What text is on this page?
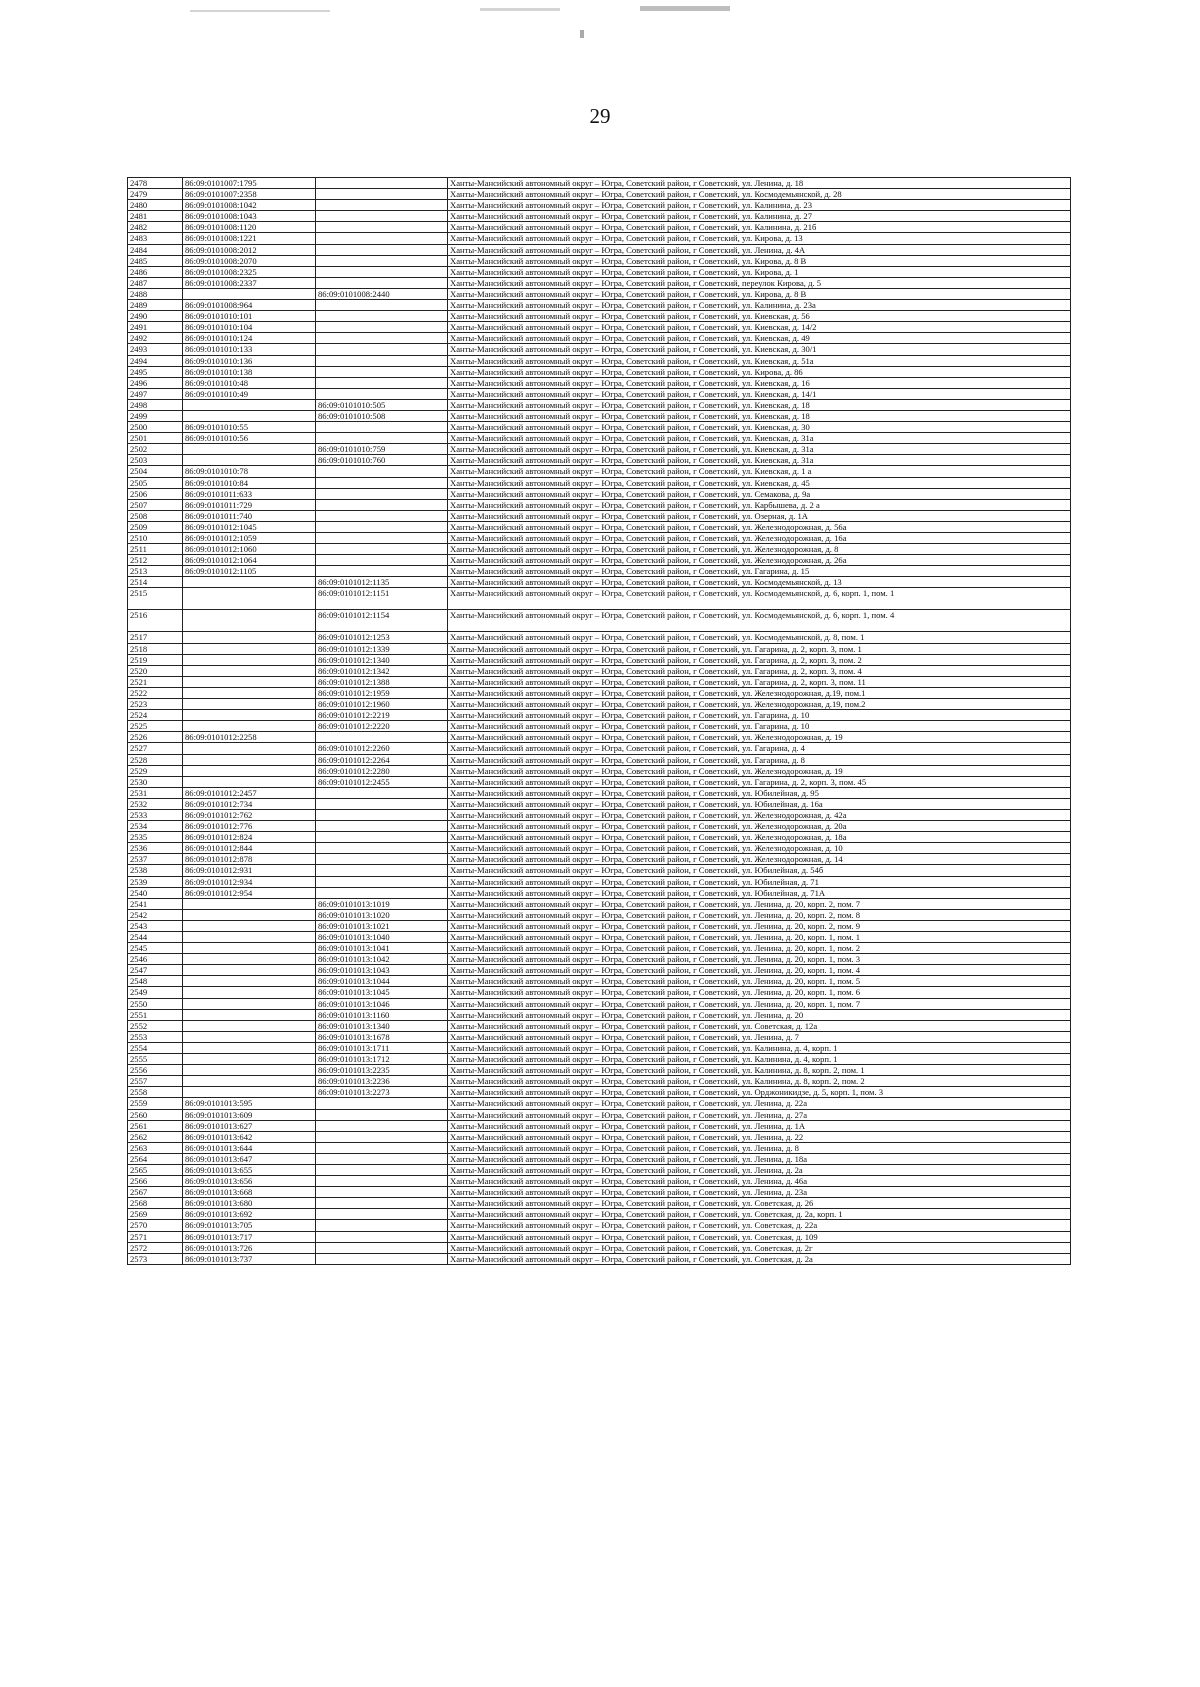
29
2478	86:09:0101007:1795		Ханты-Мансийский автономный округ – Югра, Советский район, г Советский, ул. Ленина, д. 18
2479	86:09:0101007:2358		Ханты-Мансийский автономный округ – Югра, Советский район, г Советский, ул. Космодемьянской, д. 28
2480	86:09:0101008:1042		Ханты-Мансийский автономный округ – Югра, Советский район, г Советский, ул. Калинина, д. 23
2481	86:09:0101008:1043		Ханты-Мансийский автономный округ – Югра, Советский район, г Советский, ул. Калинина, д. 27
2482	86:09:0101008:1120		Ханты-Мансийский автономный округ – Югра, Советский район, г Советский, ул. Калинина, д. 21б
2483	86:09:0101008:1221		Ханты-Мансийский автономный округ – Югра, Советский район, г Советский, ул. Кирова, д. 13
2484	86:09:0101008:2012		Ханты-Мансийский автономный округ – Югра, Советский район, г Советский, ул. Ленина, д. 4А
2485	86:09:0101008:2070		Ханты-Мансийский автономный округ – Югра, Советский район, г Советский, ул. Кирова, д. 8 В
2486	86:09:0101008:2325		Ханты-Мансийский автономный округ – Югра, Советский район, г Советский, ул. Кирова, д. 1
2487	86:09:0101008:2337		Ханты-Мансийский автономный округ – Югра, Советский район, г Советский, переулок Кирова, д. 5
2488		86:09:0101008:2440	Ханты-Мансийский автономный округ – Югра, Советский район, г Советский, ул. Кирова, д. 8 В
2489	86:09:0101008:964		Ханты-Мансийский автономный округ – Югра, Советский район, г Советский, ул. Калинина, д. 23а
2490	86:09:0101010:101		Ханты-Мансийский автономный округ – Югра, Советский район, г Советский, ул. Киевская, д. 56
2491	86:09:0101010:104		Ханты-Мансийский автономный округ – Югра, Советский район, г Советский, ул. Киевская, д. 14/2
2492	86:09:0101010:124		Ханты-Мансийский автономный округ – Югра, Советский район, г Советский, ул. Киевская, д. 49
2493	86:09:0101010:133		Ханты-Мансийский автономный округ – Югра, Советский район, г Советский, ул. Киевская, д. 30/1
2494	86:09:0101010:136		Ханты-Мансийский автономный округ – Югра, Советский район, г Советский, ул. Киевская, д. 51а
2495	86:09:0101010:138		Ханты-Мансийский автономный округ – Югра, Советский район, г Советский, ул. Кирова, д. 86
2496	86:09:0101010:48		Ханты-Мансийский автономный округ – Югра, Советский район, г Советский, ул. Киевская, д. 16
2497	86:09:0101010:49		Ханты-Мансийский автономный округ – Югра, Советский район, г Советский, ул. Киевская, д. 14/1
2498		86:09:0101010:505	Ханты-Мансийский автономный округ – Югра, Советский район, г Советский, ул. Киевская, д. 18
2499		86:09:0101010:508	Ханты-Мансийский автономный округ – Югра, Советский район, г Советский, ул. Киевская, д. 18
2500	86:09:0101010:55		Ханты-Мансийский автономный округ – Югра, Советский район, г Советский, ул. Киевская, д. 30
2501	86:09:0101010:56		Ханты-Мансийский автономный округ – Югра, Советский район, г Советский, ул. Киевская, д. 31а
2502		86:09:0101010:759	Ханты-Мансийский автономный округ – Югра, Советский район, г Советский, ул. Киевская, д. 31а
2503		86:09:0101010:760	Ханты-Мансийский автономный округ – Югра, Советский район, г Советский, ул. Киевская, д. 31а
2504	86:09:0101010:78		Ханты-Мансийский автономный округ – Югра, Советский район, г Советский, ул. Киевская, д. 1 а
2505	86:09:0101010:84		Ханты-Мансийский автономный округ – Югра, Советский район, г Советский, ул. Киевская, д. 45
2506	86:09:0101011:633		Ханты-Мансийский автономный округ – Югра, Советский район, г Советский, ул. Семакова, д. 9а
2507	86:09:0101011:729		Ханты-Мансийский автономный округ – Югра, Советский район, г Советский, ул. Карбышева, д. 2 а
2508	86:09:0101011:740		Ханты-Мансийский автономный округ – Югра, Советский район, г Советский, ул. Озерная, д. 1А
2509	86:09:0101012:1045		Ханты-Мансийский автономный округ – Югра, Советский район, г Советский, ул. Железнодорожная, д. 56а
2510	86:09:0101012:1059		Ханты-Мансийский автономный округ – Югра, Советский район, г Советский, ул. Железнодорожная, д. 16а
2511	86:09:0101012:1060		Ханты-Мансийский автономный округ – Югра, Советский район, г Советский, ул. Железнодорожная, д. 8
2512	86:09:0101012:1064		Ханты-Мансийский автономный округ – Югра, Советский район, г Советский, ул. Железнодорожная, д. 26а
2513	86:09:0101012:1105		Ханты-Мансийский автономный округ – Югра, Советский район, г Советский, ул. Гагарина, д. 15
2514		86:09:0101012:1135	Ханты-Мансийский автономный округ – Югра, Советский район, г Советский, ул. Космодемьянской, д. 13
2515		86:09:0101012:1151	Ханты-Мансийский автономный округ – Югра, Советский район, г Советский, ул. Космодемьянской, д. 6, корп. 1, пом. 1
2516		86:09:0101012:1154	Ханты-Мансийский автономный округ – Югра, Советский район, г Советский, ул. Космодемьянской, д. 6, корп. 1, пом. 4
2517		86:09:0101012:1253	Ханты-Мансийский автономный округ – Югра, Советский район, г Советский, ул. Космодемьянской, д. 8, пом. 1
2518		86:09:0101012:1339	Ханты-Мансийский автономный округ – Югра, Советский район, г Советский, ул. Гагарина, д. 2, корп. 3, пом. 1
2519		86:09:0101012:1340	Ханты-Мансийский автономный округ – Югра, Советский район, г Советский, ул. Гагарина, д. 2, корп. 3, пом. 2
2520		86:09:0101012:1342	Ханты-Мансийский автономный округ – Югра, Советский район, г Советский, ул. Гагарина, д. 2, корп. 3, пом. 4
2521		86:09:0101012:1388	Ханты-Мансийский автономный округ – Югра, Советский район, г Советский, ул. Гагарина, д. 2, корп. 3, пом. 11
2522		86:09:0101012:1959	Ханты-Мансийский автономный округ – Югра, Советский район, г Советский, ул. Железнодорожная, д.19, пом.1
2523		86:09:0101012:1960	Ханты-Мансийский автономный округ – Югра, Советский район, г Советский, ул. Железнодорожная, д.19, пом.2
2524		86:09:0101012:2219	Ханты-Мансийский автономный округ – Югра, Советский район, г Советский, ул. Гагарина, д. 10
2525		86:09:0101012:2220	Ханты-Мансийский автономный округ – Югра, Советский район, г Советский, ул. Гагарина, д. 10
2526	86:09:0101012:2258		Ханты-Мансийский автономный округ – Югра, Советский район, г Советский, ул. Железнодорожная, д. 19
2527		86:09:0101012:2260	Ханты-Мансийский автономный округ – Югра, Советский район, г Советский, ул. Гагарина, д. 4
2528		86:09:0101012:2264	Ханты-Мансийский автономный округ – Югра, Советский район, г Советский, ул. Гагарина, д. 8
2529		86:09:0101012:2280	Ханты-Мансийский автономный округ – Югра, Советский район, г Советский, ул. Железнодорожная, д. 19
2530		86:09:0101012:2455	Ханты-Мансийский автономный округ – Югра, Советский район, г Советский, ул. Гагарина, д. 2, корп. 3, пом. 45
2531	86:09:0101012:2457		Ханты-Мансийский автономный округ – Югра, Советский район, г Советский, ул. Юбилейная, д. 95
2532	86:09:0101012:734		Ханты-Мансийский автономный округ – Югра, Советский район, г Советский, ул. Юбилейная, д. 16а
2533	86:09:0101012:762		Ханты-Мансийский автономный округ – Югра, Советский район, г Советский, ул. Железнодорожная, д. 42а
2534	86:09:0101012:776		Ханты-Мансийский автономный округ – Югра, Советский район, г Советский, ул. Железнодорожная, д. 20а
2535	86:09:0101012:824		Ханты-Мансийский автономный округ – Югра, Советский район, г Советский, ул. Железнодорожная, д. 18а
2536	86:09:0101012:844		Ханты-Мансийский автономный округ – Югра, Советский район, г Советский, ул. Железнодорожная, д. 10
2537	86:09:0101012:878		Ханты-Мансийский автономный округ – Югра, Советский район, г Советский, ул. Железнодорожная, д. 14
2538	86:09:0101012:931		Ханты-Мансийский автономный округ – Югра, Советский район, г Советский, ул. Юбилейная, д. 54б
2539	86:09:0101012:934		Ханты-Мансийский автономный округ – Югра, Советский район, г Советский, ул. Юбилейная, д. 71
2540	86:09:0101012:954		Ханты-Мансийский автономный округ – Югра, Советский район, г Советский, ул. Юбилейная, д. 71А
2541		86:09:0101013:1019	Ханты-Мансийский автономный округ – Югра, Советский район, г Советский, ул. Ленина, д. 20, корп. 2, пом. 7
2542		86:09:0101013:1020	Ханты-Мансийский автономный округ – Югра, Советский район, г Советский, ул. Ленина, д. 20, корп. 2, пом. 8
2543		86:09:0101013:1021	Ханты-Мансийский автономный округ – Югра, Советский район, г Советский, ул. Ленина, д. 20, корп. 2, пом. 9
2544		86:09:0101013:1040	Ханты-Мансийский автономный округ – Югра, Советский район, г Советский, ул. Ленина, д. 20, корп. 1, пом. 1
2545		86:09:0101013:1041	Ханты-Мансийский автономный округ – Югра, Советский район, г Советский, ул. Ленина, д. 20, корп. 1, пом. 2
2546		86:09:0101013:1042	Ханты-Мансийский автономный округ – Югра, Советский район, г Советский, ул. Ленина, д. 20, корп. 1, пом. 3
2547		86:09:0101013:1043	Ханты-Мансийский автономный округ – Югра, Советский район, г Советский, ул. Ленина, д. 20, корп. 1, пом. 4
2548		86:09:0101013:1044	Ханты-Мансийский автономный округ – Югра, Советский район, г Советский, ул. Ленина, д. 20, корп. 1, пом. 5
2549		86:09:0101013:1045	Ханты-Мансийский автономный округ – Югра, Советский район, г Советский, ул. Ленина, д. 20, корп. 1, пом. 6
2550		86:09:0101013:1046	Ханты-Мансийский автономный округ – Югра, Советский район, г Советский, ул. Ленина, д. 20, корп. 1, пом. 7
2551		86:09:0101013:1160	Ханты-Мансийский автономный округ – Югра, Советский район, г Советский, ул. Ленина, д. 20
2552		86:09:0101013:1340	Ханты-Мансийский автономный округ – Югра, Советский район, г Советский, ул. Советская, д. 12а
2553		86:09:0101013:1678	Ханты-Мансийский автономный округ – Югра, Советский район, г Советский, ул. Ленина, д. 7
2554		86:09:0101013:1711	Ханты-Мансийский автономный округ – Югра, Советский район, г Советский, ул. Калинина, д. 4, корп. 1
2555		86:09:0101013:1712	Ханты-Мансийский автономный округ – Югра, Советский район, г Советский, ул. Калинина, д. 4, корп. 1
2556		86:09:0101013:2235	Ханты-Мансийский автономный округ – Югра, Советский район, г Советский, ул. Калинина, д. 8, корп. 2, пом. 1
2557		86:09:0101013:2236	Ханты-Мансийский автономный округ – Югра, Советский район, г Советский, ул. Калинина, д. 8, корп. 2, пом. 2
2558		86:09:0101013:2273	Ханты-Мансийский автономный округ – Югра, Советский район, г Советский, ул. Орджоникидзе, д. 5, корп. 1, пом. 3
2559	86:09:0101013:595		Ханты-Мансийский автономный округ – Югра, Советский район, г Советский, ул. Ленина, д. 22а
2560	86:09:0101013:609		Ханты-Мансийский автономный округ – Югра, Советский район, г Советский, ул. Ленина, д. 27а
2561	86:09:0101013:627		Ханты-Мансийский автономный округ – Югра, Советский район, г Советский, ул. Ленина, д. 1А
2562	86:09:0101013:642		Ханты-Мансийский автономный округ – Югра, Советский район, г Советский, ул. Ленина, д. 22
2563	86:09:0101013:644		Ханты-Мансийский автономный округ – Югра, Советский район, г Советский, ул. Ленина, д. 8
2564	86:09:0101013:647		Ханты-Мансийский автономный округ – Югра, Советский район, г Советский, ул. Ленина, д. 18а
2565	86:09:0101013:655		Ханты-Мансийский автономный округ – Югра, Советский район, г Советский, ул. Ленина, д. 2а
2566	86:09:0101013:656		Ханты-Мансийский автономный округ – Югра, Советский район, г Советский, ул. Ленина, д. 46а
2567	86:09:0101013:668		Ханты-Мансийский автономный округ – Югра, Советский район, г Советский, ул. Ленина, д. 23а
2568	86:09:0101013:680		Ханты-Мансийский автономный округ – Югра, Советский район, г Советский, ул. Советская, д. 26
2569	86:09:0101013:692		Ханты-Мансийский автономный округ – Югра, Советский район, г Советский, ул. Советская, д. 2а, корп. 1
2570	86:09:0101013:705		Ханты-Мансийский автономный округ – Югра, Советский район, г Советский, ул. Советская, д. 22а
2571	86:09:0101013:717		Ханты-Мансийский автономный округ – Югра, Советский район, г Советский, ул. Советская, д. 109
2572	86:09:0101013:726		Ханты-Мансийский автономный округ – Югра, Советский район, г Советский, ул. Советская, д. 2г
2573	86:09:0101013:737		Ханты-Мансийский автономный округ – Югра, Советский район, г Советский, ул. Советская, д. 2а
